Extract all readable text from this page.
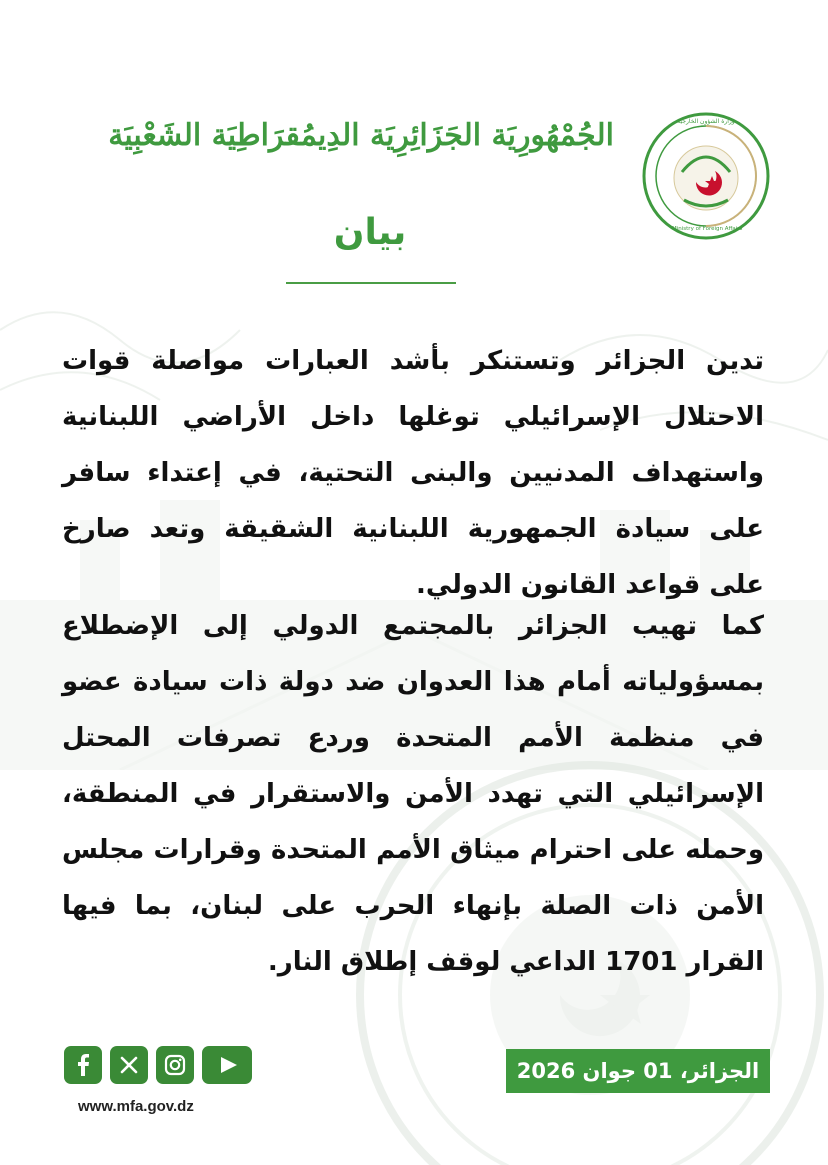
وزارة الشؤون الخارجية
Ministry of Foreign Affairs
الجُمْهُورِيَة الجَزَائِرِيَة الدِيمُقرَاطِيَة الشَعْبِيَة
بيان
تدين الجزائر وتستنكر بأشد العبارات مواصلة قوات الاحتلال الإسرائيلي توغلها داخل الأراضي اللبنانية واستهداف المدنيين والبنى التحتية، في إعتداء سافر على سيادة الجمهورية اللبنانية الشقيقة وتعد صارخ على قواعد القانون الدولي.
كما تهيب الجزائر بالمجتمع الدولي إلى الإضطلاع بمسؤولياته أمام هذا العدوان ضد دولة ذات سيادة عضو في منظمة الأمم المتحدة وردع تصرفات المحتل الإسرائيلي التي تهدد الأمن والاستقرار في المنطقة، وحمله على احترام ميثاق الأمم المتحدة وقرارات مجلس الأمن ذات الصلة بإنهاء الحرب على لبنان، بما فيها القرار 1701 الداعي لوقف إطلاق النار.
www.mfa.gov.dz
الجزائر، 01 جوان 2026
